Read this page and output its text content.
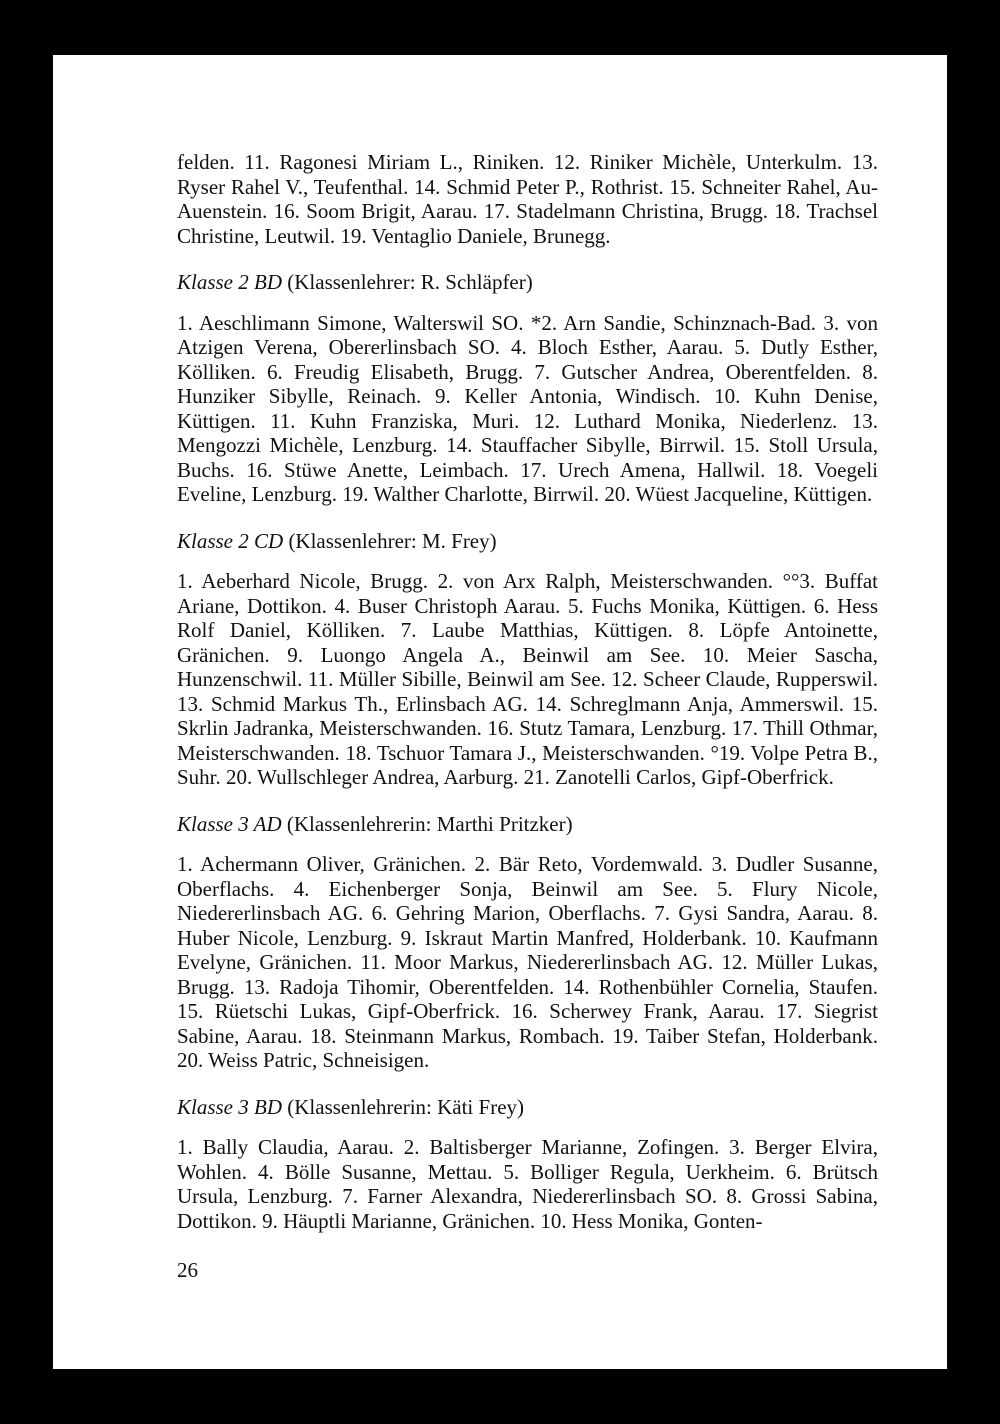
felden. 11. Ragonesi Miriam L., Riniken. 12. Riniker Michèle, Unterkulm. 13. Ryser Rahel V., Teufenthal. 14. Schmid Peter P., Rothrist. 15. Schneiter Rahel, Au-Auenstein. 16. Soom Brigit, Aarau. 17. Stadelmann Christina, Brugg. 18. Trachsel Christine, Leutwil. 19. Ventaglio Daniele, Brunegg.

Klasse 2 BD (Klassenlehrer: R. Schläpfer)

1. Aeschlimann Simone, Walterswil SO. *2. Arn Sandie, Schinznach-Bad. 3. von Atzigen Verena, Obererlinsbach SO. 4. Bloch Esther, Aarau. 5. Dutly Esther, Kölliken. 6. Freudig Elisabeth, Brugg. 7. Gutscher Andrea, Oberentfelden. 8. Hunziker Sibylle, Reinach. 9. Keller Antonia, Windisch. 10. Kuhn Denise, Küttigen. 11. Kuhn Franziska, Muri. 12. Luthard Monika, Niederlenz. 13. Mengozzi Michèle, Lenzburg. 14. Stauffacher Sibylle, Birrwil. 15. Stoll Ursula, Buchs. 16. Stüwe Anette, Leimbach. 17. Urech Amena, Hallwil. 18. Voegeli Eveline, Lenzburg. 19. Walther Charlotte, Birrwil. 20. Wüest Jacqueline, Küttigen.

Klasse 2 CD (Klassenlehrer: M. Frey)

1. Aeberhard Nicole, Brugg. 2. von Arx Ralph, Meisterschwanden. °°3. Buffat Ariane, Dottikon. 4. Buser Christoph Aarau. 5. Fuchs Monika, Küttigen. 6. Hess Rolf Daniel, Kölliken. 7. Laube Matthias, Küttigen. 8. Löpfe Antoinette, Gränichen. 9. Luongo Angela A., Beinwil am See. 10. Meier Sascha, Hunzenschwil. 11. Müller Sibille, Beinwil am See. 12. Scheer Claude, Rupperswil. 13. Schmid Markus Th., Erlinsbach AG. 14. Schreglmann Anja, Ammerswil. 15. Skrlin Jadranka, Meisterschwanden. 16. Stutz Tamara, Lenzburg. 17. Thill Othmar, Meisterschwanden. 18. Tschuor Tamara J., Meisterschwanden. °19. Volpe Petra B., Suhr. 20. Wullschleger Andrea, Aarburg. 21. Zanotelli Carlos, Gipf-Oberfrick.

Klasse 3 AD (Klassenlehrerin: Marthi Pritzker)

1. Achermann Oliver, Gränichen. 2. Bär Reto, Vordemwald. 3. Dudler Susanne, Oberflachs. 4. Eichenberger Sonja, Beinwil am See. 5. Flury Nicole, Niedererlinsbach AG. 6. Gehring Marion, Oberflachs. 7. Gysi Sandra, Aarau. 8. Huber Nicole, Lenzburg. 9. Iskraut Martin Manfred, Holderbank. 10. Kaufmann Evelyne, Gränichen. 11. Moor Markus, Niedererlinsbach AG. 12. Müller Lukas, Brugg. 13. Radoja Tihomir, Oberentfelden. 14. Rothenbühler Cornelia, Staufen. 15. Rüetschi Lukas, Gipf-Oberfrick. 16. Scherwey Frank, Aarau. 17. Siegrist Sabine, Aarau. 18. Steinmann Markus, Rombach. 19. Taiber Stefan, Holderbank. 20. Weiss Patric, Schneisigen.

Klasse 3 BD (Klassenlehrerin: Käti Frey)

1. Bally Claudia, Aarau. 2. Baltisberger Marianne, Zofingen. 3. Berger Elvira, Wohlen. 4. Bölle Susanne, Mettau. 5. Bolliger Regula, Uerkheim. 6. Brütsch Ursula, Lenzburg. 7. Farner Alexandra, Niedererlinsbach SO. 8. Grossi Sabina, Dottikon. 9. Häuptli Marianne, Gränichen. 10. Hess Monika, Gonten-

26
